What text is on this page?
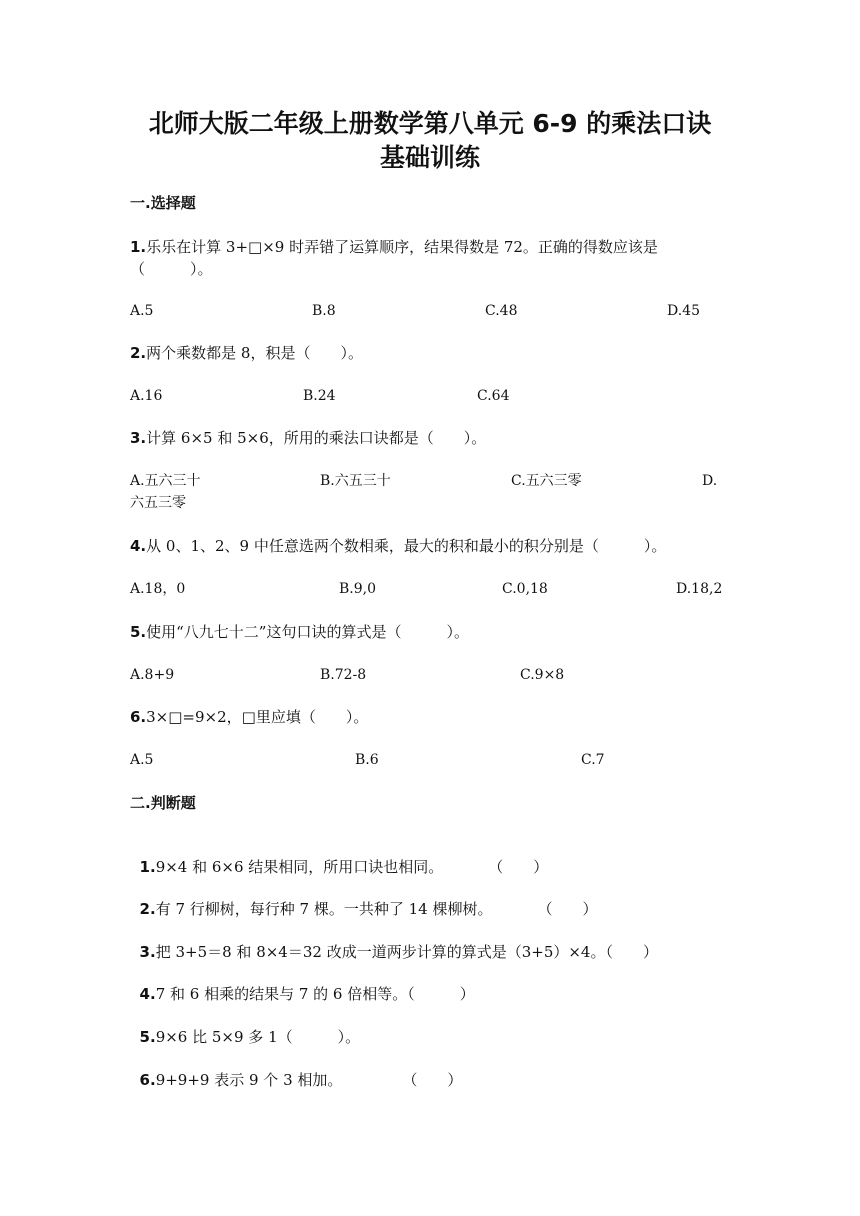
北师大版二年级上册数学第八单元 6-9 的乘法口诀
基础训练
一.选择题
1.乐乐在计算 3+□×9 时弄错了运算顺序，结果得数是 72。正确的得数应该是（　　　）。
A.5	B.8	C.48	D.45
2.两个乘数都是 8，积是（　　）。
A.16	B.24	C.64
3.计算 6×5 和 5×6，所用的乘法口诀都是（　　）。
A.五六三十	B.六五三十	C.五六三零	D.
六五三零
4.从 0、1、2、9 中任意选两个数相乘，最大的积和最小的积分别是（　　　）。
A.18，0	B.9,0	C.0,18	D.18,2
5.使用“八九七十二”这句口诀的算式是（　　　）。
A.8+9	B.72-8	C.9×8
6.3×□=9×2，□里应填（　　）。
A.5	B.6	C.7
二.判断题

1.9×4 和 6×6 结果相同，所用口诀也相同。　　　　（　　）

2.有 7 行柳树，每行种 7 棵。一共种了 14 棵柳树。　　　　（　　）

3.把 3+5＝8 和 8×4＝32 改成一道两步计算的算式是（3+5）×4。（　　）

4.7 和 6 相乘的结果与 7 的 6 倍相等。（　　　）

5.9×6 比 5×9 多 1（　　　）。

6.9+9+9 表示 9 个 3 相加。　　　　　（　　）
